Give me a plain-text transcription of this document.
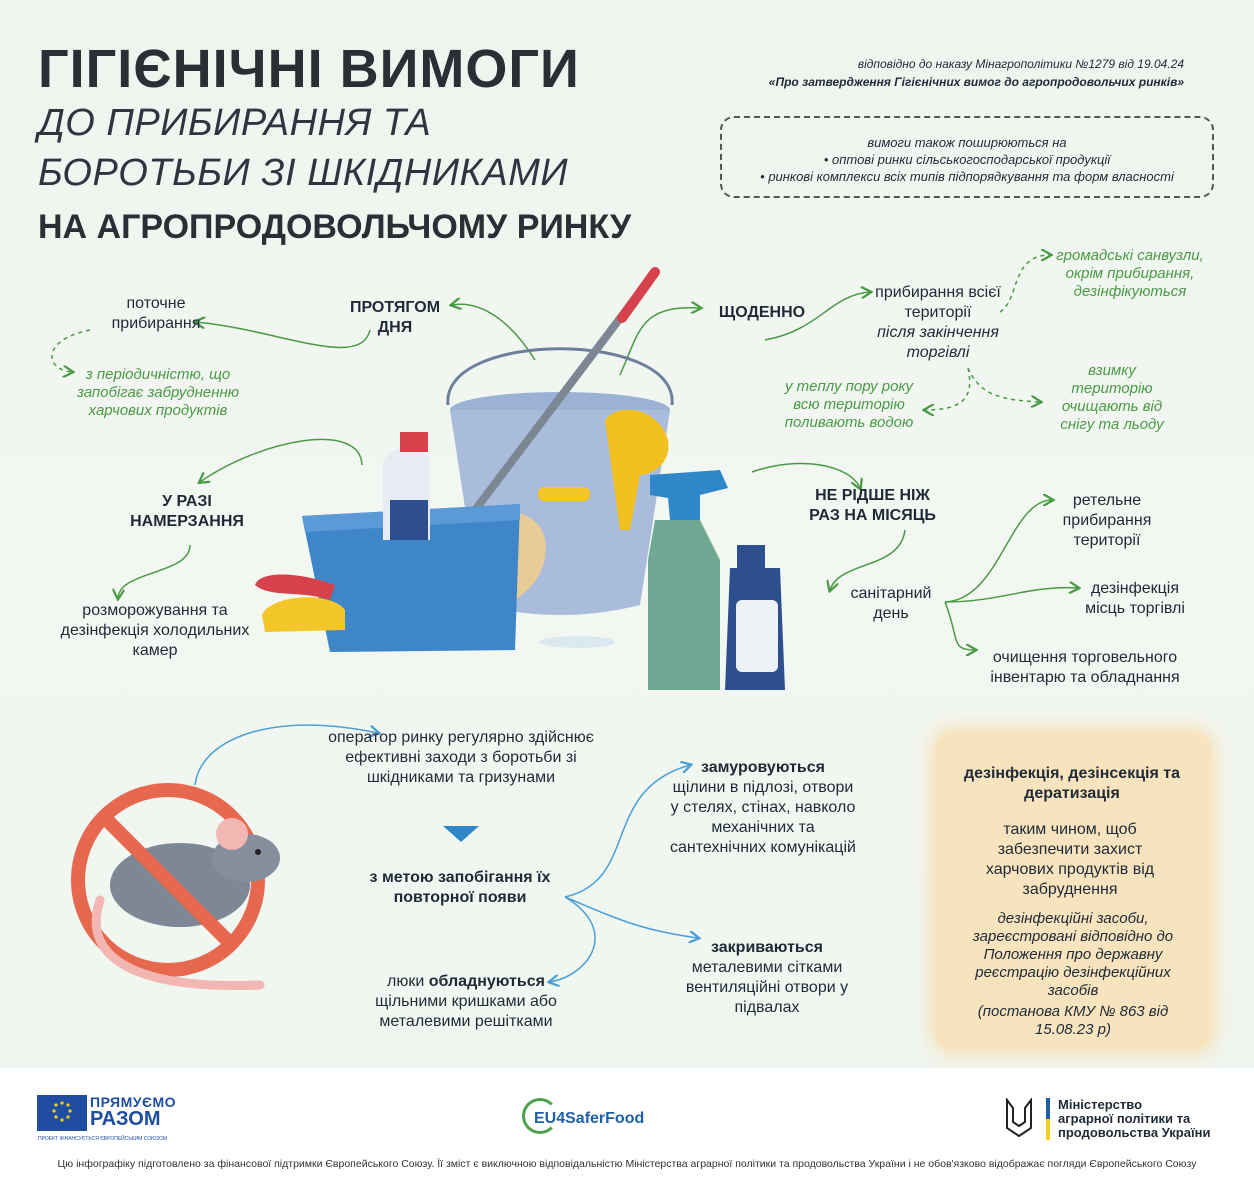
ГІГІЄНІЧНІ ВИМОГИ
ДО ПРИБИРАННЯ ТА
БОРОТЬБИ ЗІ ШКІДНИКАМИ
НА АГРОПРОДОВОЛЬЧОМУ РИНКУ
відповідно до наказу Мінагрополітики №1279 від 19.04.24
«Про затвердження Гігієнічних вимог до агропродовольчих ринків»
вимоги також поширюються на
• оптові ринки сільськогосподарської продукції
• ринкові комплекси всіх типів підпорядкування та форм власності
ПРОТЯГОМ ДНЯ
поточне прибирання
з періодичністю, що запобігає забрудненню харчових продуктів
ЩОДЕННО
прибирання всієї території
після закінчення торгівлі
громадські санвузли, окрім прибирання, дезінфікуються
у теплу пору року всю територію поливають водою
взимку територію очищають від снігу та льоду
У РАЗІ НАМЕРЗАННЯ
розморожування та дезінфекція холодильних камер
НЕ РІДШЕ НІЖ РАЗ НА МІСЯЦЬ
санітарний день
ретельне прибирання території
дезінфекція місць торгівлі
очищення торговельного інвентарю та обладнання
оператор ринку регулярно здійснює ефективні заходи з боротьби зі шкідниками та гризунами
з метою запобігання їх повторної появи
замуровуються
щілини в підлозі, отвори у стелях, стінах, навколо механічних та сантехнічних комунікацій
закриваються
металевими сітками вентиляційні отвори у підвалах
люки обладнуються
щільними кришками або металевими решітками
дезінфекція, дезінсекція та дератизація
таким чином, щоб забезпечити захист харчових продуктів від забруднення
дезінфекційні засоби, зареєстровані відповідно до Положення про державну реєстрацію дезінфекційних засобів
(постанова КМУ № 863 від 15.08.23 р)
ПРЯМУЄМО
РАЗОМ
ПРОЕКТ ФІНАНСУЄТЬСЯ ЄВРОПЕЙСЬКИМ СОЮЗОМ
EU4SaferFood
Міністерство
аграрної політики та
продовольства України
Цю інфографіку підготовлено за фінансової підтримки Європейського Союзу. Її зміст є виключною відповідальністю Міністерства аграрної політики та продовольства України і не обов'язково відображає погляди Європейського Союзу
